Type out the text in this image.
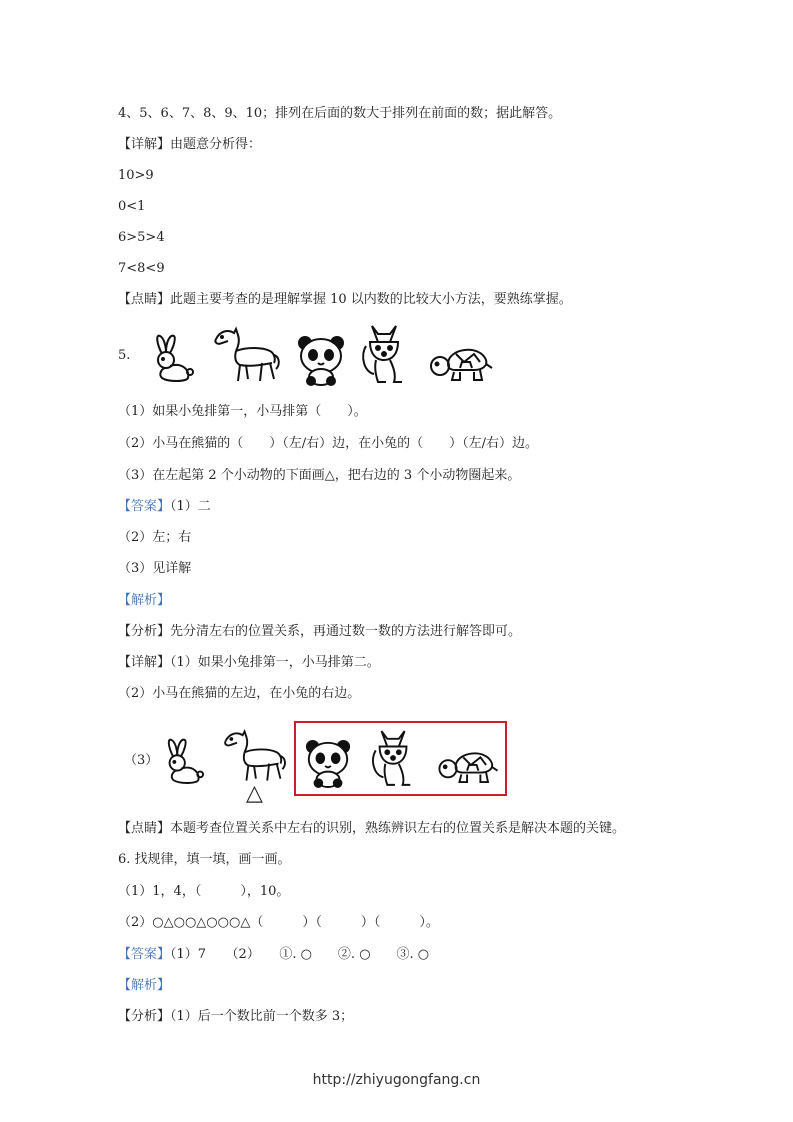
4、5、6、7、8、9、10；排列在后面的数大于排列在前面的数；据此解答。
【详解】由题意分析得：
10>9
0<1
6>5>4
7<8<9
【点睛】此题主要考查的是理解掌握 10 以内数的比较大小方法，要熟练掌握。
5.
（1）如果小兔排第一，小马排第（　　）。
（2）小马在熊猫的（　　）（左/右）边，在小兔的（　　）（左/右）边。
（3）在左起第 2 个小动物的下面画△，把右边的 3 个小动物圈起来。
【答案】（1）二
（2）左；右
（3）见详解
【解析】
【分析】先分清左右的位置关系，再通过数一数的方法进行解答即可。
【详解】（1）如果小兔排第一，小马排第二。
（2）小马在熊猫的左边，在小兔的右边。
（3）
△
【点睛】本题考查位置关系中左右的识别，熟练辨识左右的位置关系是解决本题的关键。
6. 找规律，填一填，画一画。
（1）1，4，（　　　），10。
（2）○△○○△○○○△（　　　）（　　　）（　　　）。
【答案】（1）7　　（2）　　①. ○　　②. ○　　③. ○
【解析】
【分析】（1）后一个数比前一个数多 3；
http://zhiyugongfang.cn
